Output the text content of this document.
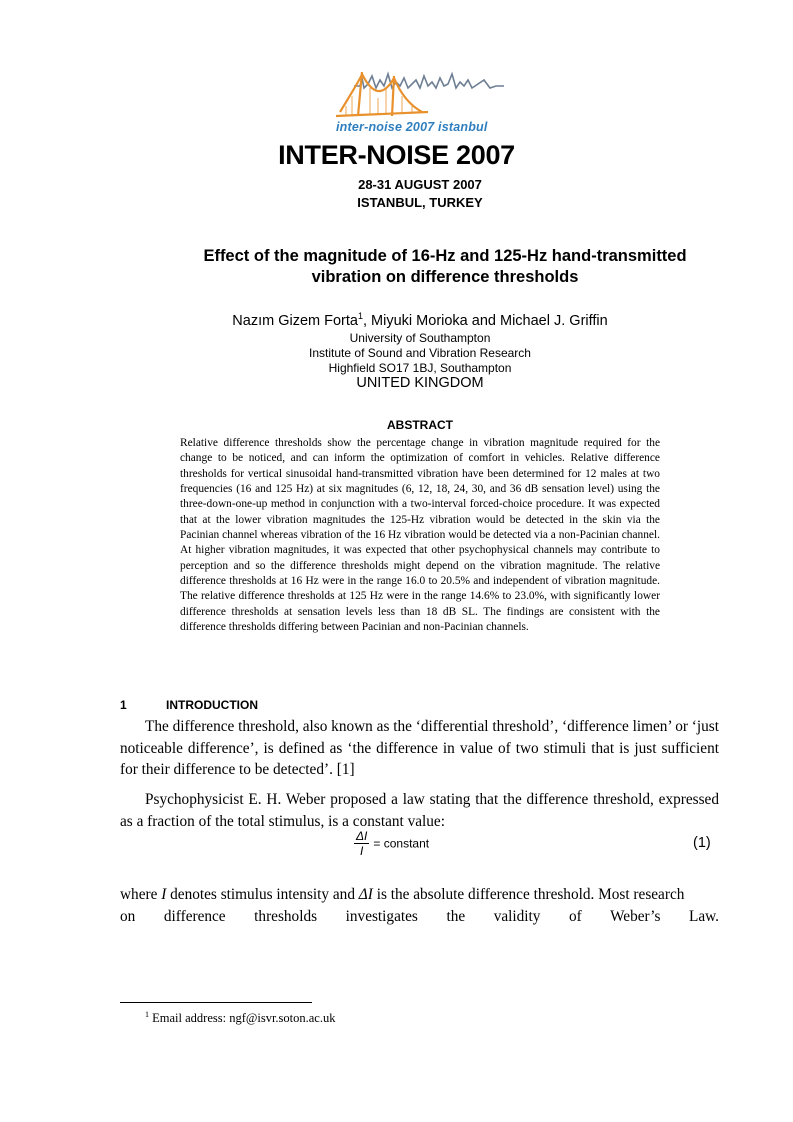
inter-noise 2007 istanbul
INTER-NOISE 2007
28-31 AUGUST 2007
ISTANBUL, TURKEY
Effect of the magnitude of 16-Hz and 125-Hz hand-transmitted
vibration on difference thresholds
Nazım Gizem Forta$^1$, Miyuki Morioka and Michael J. Griffin
University of Southampton
Institute of Sound and Vibration Research
Highfield SO17 1BJ, Southampton
UNITED KINGDOM
ABSTRACT
Relative difference thresholds show the percentage change in vibration magnitude required for the change to be noticed, and can inform the optimization of comfort in vehicles. Relative difference thresholds for vertical sinusoidal hand-transmitted vibration have been determined for 12 males at two frequencies (16 and 125 Hz) at six magnitudes (6, 12, 18, 24, 30, and 36 dB sensation level) using the three-down-one-up method in conjunction with a two-interval forced-choice procedure. It was expected that at the lower vibration magnitudes the 125-Hz vibration would be detected in the skin via the Pacinian channel whereas vibration of the 16 Hz vibration would be detected via a non-Pacinian channel. At higher vibration magnitudes, it was expected that other psychophysical channels may contribute to perception and so the difference thresholds might depend on the vibration magnitude. The relative difference thresholds at 16 Hz were in the range 16.0 to 20.5% and independent of vibration magnitude. The relative difference thresholds at 125 Hz were in the range 14.6% to 23.0%, with significantly lower difference thresholds at sensation levels less than 18 dB SL. The findings are consistent with the difference thresholds differing between Pacinian and non-Pacinian channels.
1	INTRODUCTION
The difference threshold, also known as the ‘differential threshold’, ‘difference limen’ or ‘just noticeable difference’, is defined as ‘the difference in value of two stimuli that is just sufficient for their difference to be detected’. [1]
Psychophysicist E. H. Weber proposed a law stating that the difference threshold, expressed as a fraction of the total stimulus, is a constant value:
$\frac{\Delta I}{I}$ = constant	(1)
where I denotes stimulus intensity and ΔI is the absolute difference threshold. Most research
on difference thresholds investigates the validity of Weber’s Law.
$^1$ Email address: ngf@isvr.soton.ac.uk
